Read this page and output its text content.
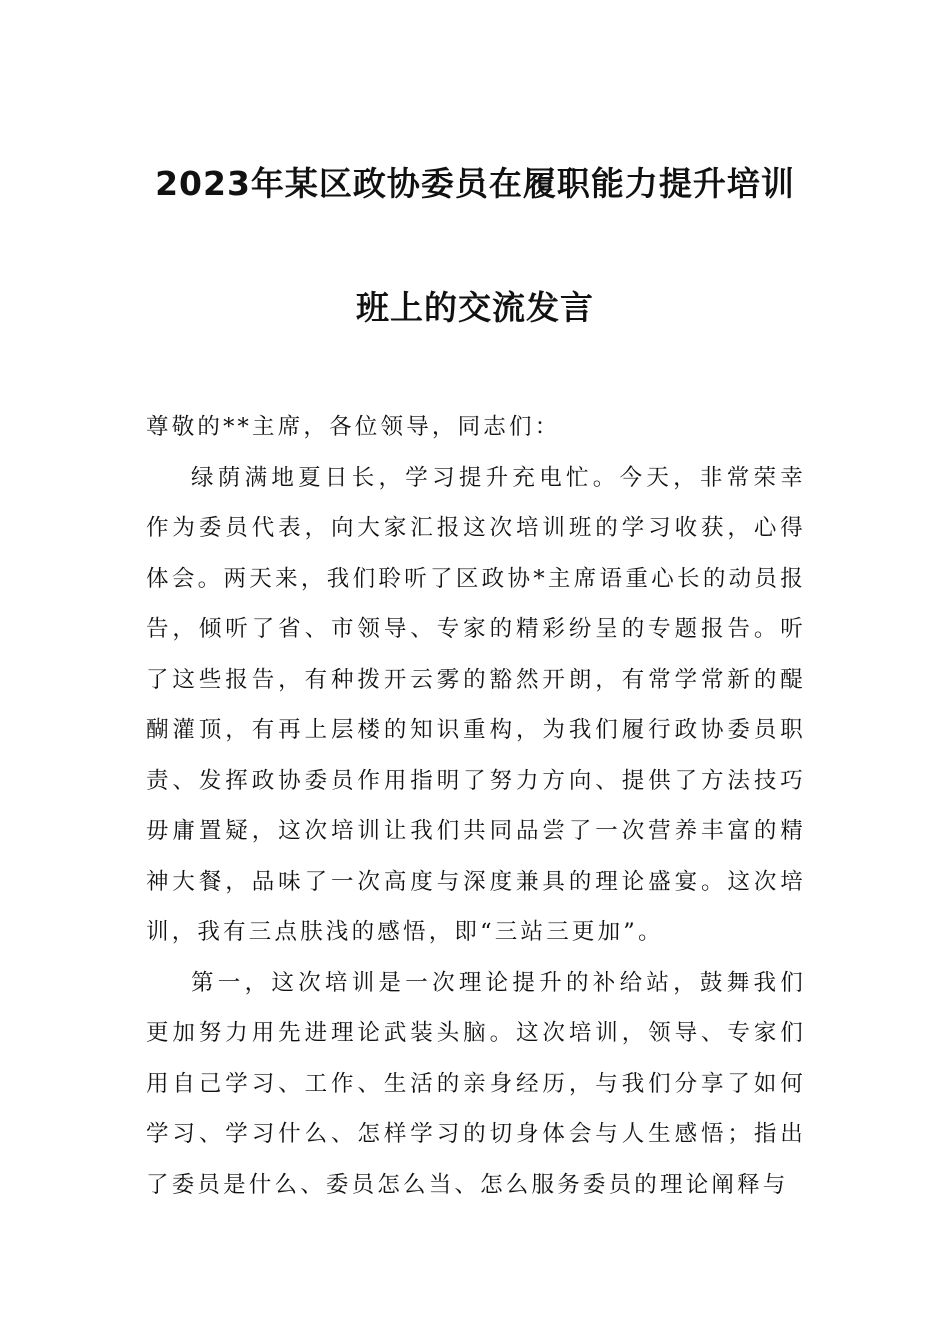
2023年某区政协委员在履职能力提升培训
班上的交流发言

尊敬的**主席，各位领导，同志们：

绿荫满地夏日长，学习提升充电忙。今天，非常荣幸作为委员代表，向大家汇报这次培训班的学习收获，心得体会。两天来，我们聆听了区政协*主席语重心长的动员报告，倾听了省、市领导、专家的精彩纷呈的专题报告。听了这些报告，有种拨开云雾的豁然开朗，有常学常新的醍醐灌顶，有再上层楼的知识重构，为我们履行政协委员职责、发挥政协委员作用指明了努力方向、提供了方法技巧毋庸置疑，这次培训让我们共同品尝了一次营养丰富的精神大餐，品味了一次高度与深度兼具的理论盛宴。这次培训，我有三点肤浅的感悟，即“三站三更加”。

第一，这次培训是一次理论提升的补给站，鼓舞我们更加努力用先进理论武装头脑。这次培训，领导、专家们用自己学习、工作、生活的亲身经历，与我们分享了如何学习、学习什么、怎样学习的切身体会与人生感悟；指出了委员是什么、委员怎么当、怎么服务委员的理论阐释与
